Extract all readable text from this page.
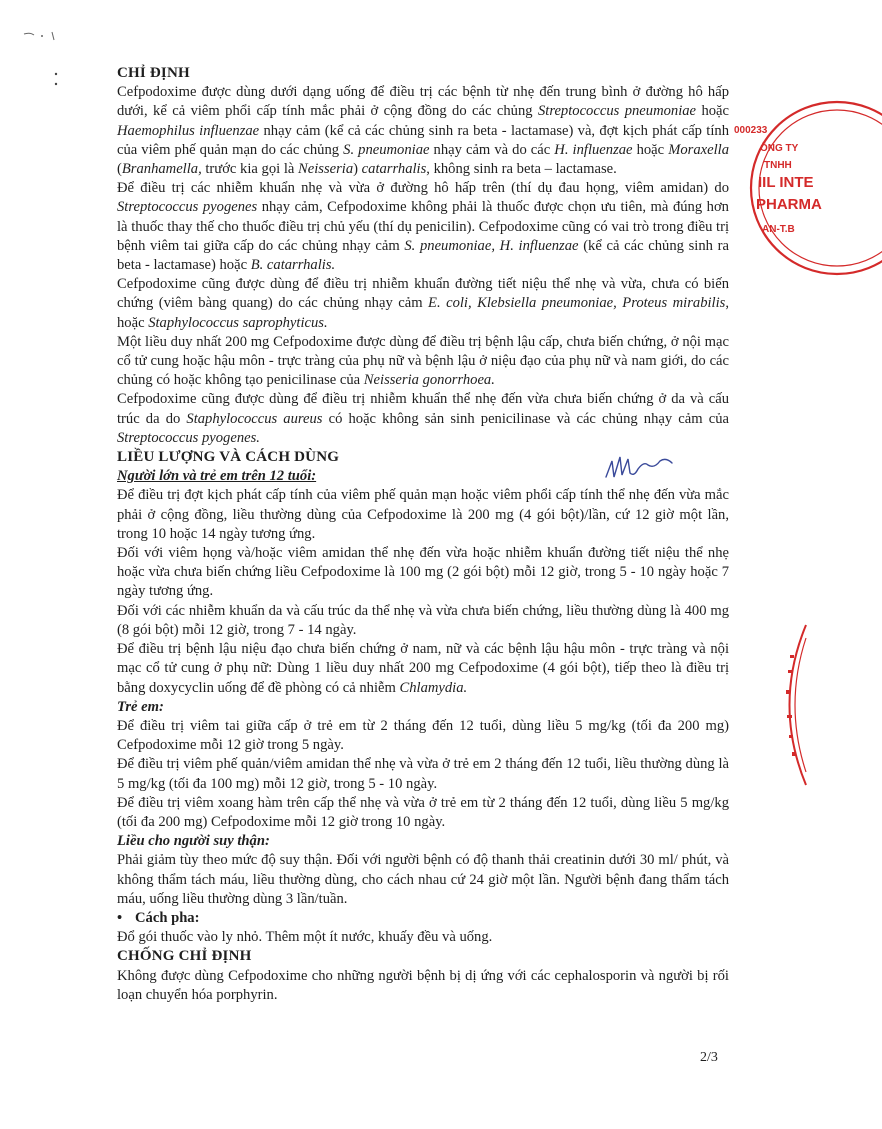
CHỈ ĐỊNH

Cefpodoxime được dùng dưới dạng uống để điều trị các bệnh từ nhẹ đến trung bình ở đường hô hấp dưới, kể cả viêm phổi cấp tính mắc phải ở cộng đồng do các chủng Streptococcus pneumoniae hoặc Haemophilus influenzae nhạy cảm (kể cả các chủng sinh ra beta - lactamase) và, đợt kịch phát cấp tính của viêm phế quản mạn do các chủng S. pneumoniae nhạy cảm và do các H. influenzae hoặc Moraxella (Branhamella, trước kia gọi là Neisseria) catarrhalis, không sinh ra beta – lactamase.

Để điều trị các nhiễm khuẩn nhẹ và vừa ở đường hô hấp trên (thí dụ đau họng, viêm amidan) do Streptococcus pyogenes nhạy cảm, Cefpodoxime không phải là thuốc được chọn ưu tiên, mà đúng hơn là thuốc thay thế cho thuốc điều trị chủ yếu (thí dụ penicilin). Cefpodoxime cũng có vai trò trong điều trị bệnh viêm tai giữa cấp do các chủng nhạy cảm S. pneumoniae, H. influenzae (kể cả các chủng sinh ra beta - lactamase) hoặc B. catarrhalis.

Cefpodoxime cũng được dùng để điều trị nhiễm khuẩn đường tiết niệu thể nhẹ và vừa, chưa có biến chứng (viêm bàng quang) do các chủng nhạy cảm E. coli, Klebsiella pneumoniae, Proteus mirabilis, hoặc Staphylococcus saprophyticus.

Một liều duy nhất 200 mg Cefpodoxime được dùng để điều trị bệnh lậu cấp, chưa biến chứng, ở nội mạc cổ tử cung hoặc hậu môn - trực tràng của phụ nữ và bệnh lậu ở niệu đạo của phụ nữ và nam giới, do các chủng có hoặc không tạo penicilinase của Neisseria gonorrhoea.

Cefpodoxime cũng được dùng để điều trị nhiễm khuẩn thể nhẹ đến vừa chưa biến chứng ở da và cấu trúc da do Staphylococcus aureus có hoặc không sản sinh penicilinase và các chủng nhạy cảm của Streptococcus pyogenes.

LIỀU LƯỢNG VÀ CÁCH DÙNG

Người lớn và trẻ em trên 12 tuổi:

Để điều trị đợt kịch phát cấp tính của viêm phế quản mạn hoặc viêm phổi cấp tính thể nhẹ đến vừa mắc phải ở cộng đồng, liều thường dùng của Cefpodoxime là 200 mg (4 gói bột)/lần, cứ 12 giờ một lần, trong 10 hoặc 14 ngày tương ứng.

Đối với viêm họng và/hoặc viêm amidan thể nhẹ đến vừa hoặc nhiễm khuẩn đường tiết niệu thể nhẹ hoặc vừa chưa biến chứng liều Cefpodoxime là 100 mg (2 gói bột) mỗi 12 giờ, trong 5 - 10 ngày hoặc 7 ngày tương ứng.

Đối với các nhiễm khuẩn da và cấu trúc da thể nhẹ và vừa chưa biến chứng, liều thường dùng là 400 mg (8 gói bột) mỗi 12 giờ, trong 7 - 14 ngày.

Để điều trị bệnh lậu niệu đạo chưa biến chứng ở nam, nữ và các bệnh lậu hậu môn - trực tràng và nội mạc cổ tử cung ở phụ nữ: Dùng 1 liều duy nhất 200 mg Cefpodoxime (4 gói bột), tiếp theo là điều trị bằng doxycyclin uống để đề phòng có cả nhiễm Chlamydia.

Trẻ em:

Để điều trị viêm tai giữa cấp ở trẻ em từ 2 tháng đến 12 tuổi, dùng liều 5 mg/kg (tối đa 200 mg) Cefpodoxime mỗi 12 giờ trong 5 ngày.

Để điều trị viêm phế quản/viêm amidan thể nhẹ và vừa ở trẻ em 2 tháng đến 12 tuổi, liều thường dùng là 5 mg/kg (tối đa 100 mg) mỗi 12 giờ, trong 5 - 10 ngày.

Để điều trị viêm xoang hàm trên cấp thể nhẹ và vừa ở trẻ em từ 2 tháng đến 12 tuổi, dùng liều 5 mg/kg (tối đa 200 mg) Cefpodoxime mỗi 12 giờ trong 10 ngày.

Liều cho người suy thận:

Phải giảm tùy theo mức độ suy thận. Đối với người bệnh có độ thanh thải creatinin dưới 30 ml/ phút, và không thẩm tách máu, liều thường dùng, cho cách nhau cứ 24 giờ một lần. Người bệnh đang thẩm tách máu, uống liều thường dùng 3 lần/tuần.

• Cách pha:

Đổ gói thuốc vào ly nhỏ. Thêm một ít nước, khuấy đều và uống.

CHỐNG CHỈ ĐỊNH

Không được dùng Cefpodoxime cho những người bệnh bị dị ứng với các cephalosporin và người bị rối loạn chuyển hóa porphyrin.

2/3
000233
ÔNG TY
TNHH
IIL INTE
PHARMA
AN-T.B
